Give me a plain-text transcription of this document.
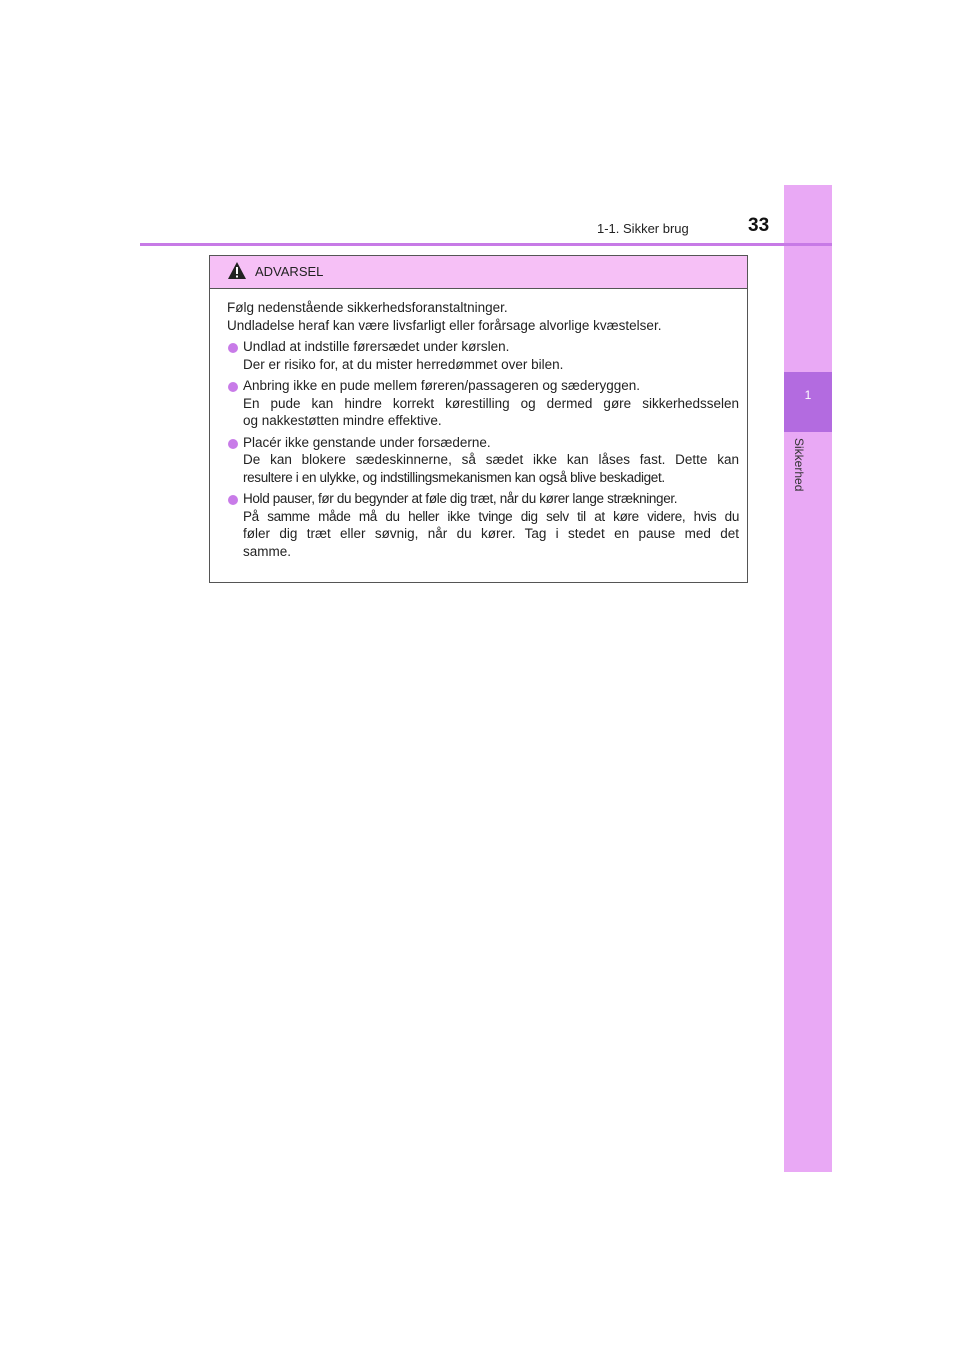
1
Sikkerhed
1-1. Sikker brug	33
ADVARSEL

Følg nedenstående sikkerhedsforanstaltninger.

Undladelse heraf kan være livsfarligt eller forårsage alvorlige kvæstelser.

Undlad at indstille førersædet under kørslen.

Der er risiko for, at du mister herredømmet over bilen.

Anbring ikke en pude mellem føreren/passageren og sæderyggen.

En pude kan hindre korrekt kørestilling og dermed gøre sikkerhedsselen

og nakkestøtten mindre effektive.

Placér ikke genstande under forsæderne.

De kan blokere sædeskinnerne, så sædet ikke kan låses fast. Dette kan

resultere i en ulykke, og indstillingsmekanismen kan også blive beskadiget.

Hold pauser, før du begynder at føle dig træt, når du kører lange strækninger.

På samme måde må du heller ikke tvinge dig selv til at køre videre, hvis du

føler dig træt eller søvnig, når du kører. Tag i stedet en pause med det

samme.
